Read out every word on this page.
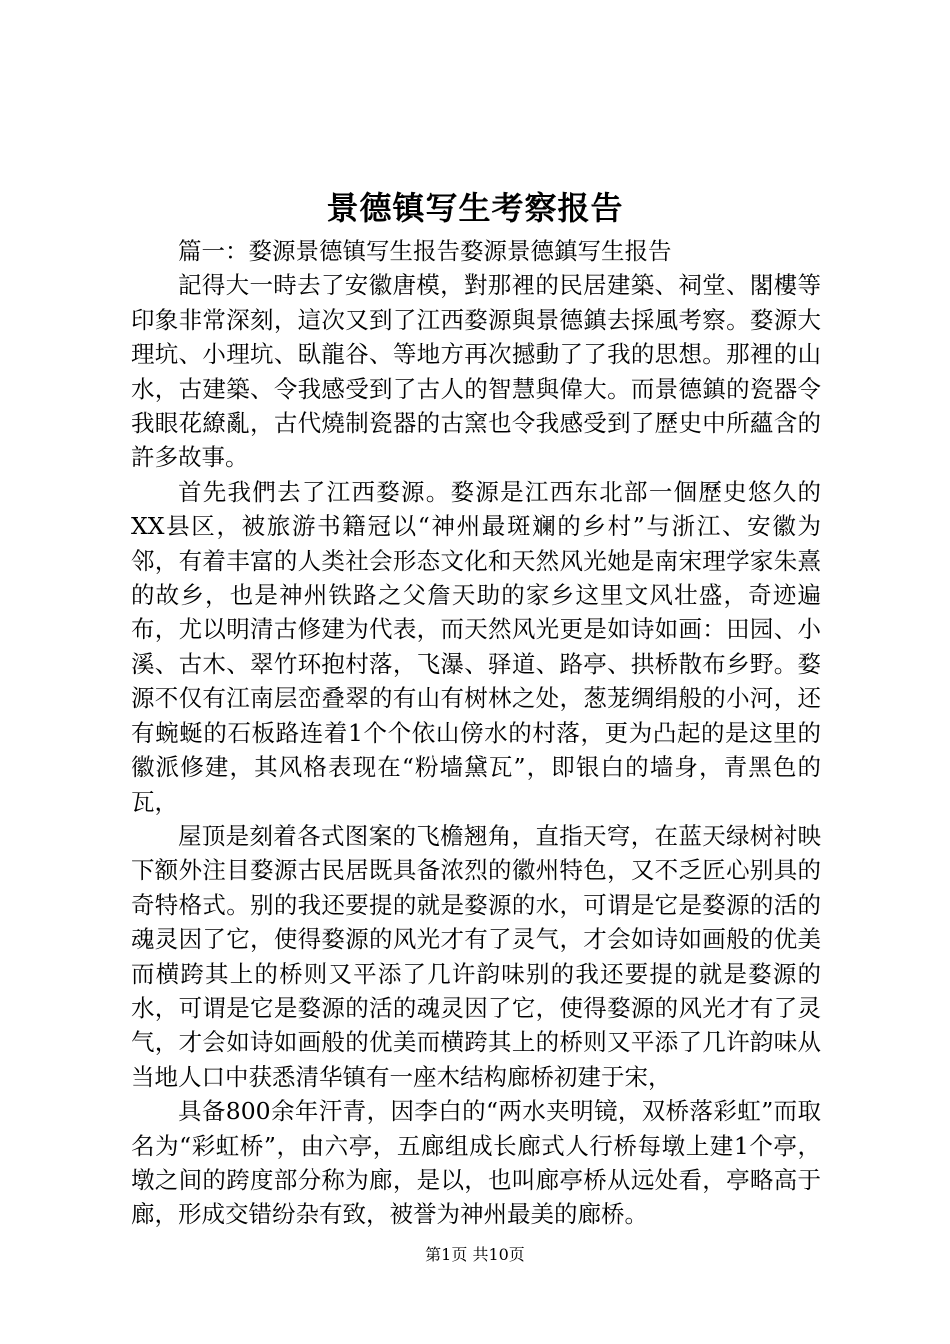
景德镇写生考察报告

篇一：婺源景德镇写生报告婺源景德鎮写生报告

記得大一時去了安徽唐模，對那裡的民居建築、祠堂、閣樓等印象非常深刻，這次又到了江西婺源與景德鎮去採風考察。婺源大理坑、小理坑、臥龍谷、等地方再次撼動了了我的思想。那裡的山水，古建築、令我感受到了古人的智慧與偉大。而景德鎮的瓷器令我眼花繚亂，古代燒制瓷器的古窯也令我感受到了歷史中所蘊含的許多故事。

首先我們去了江西婺源。婺源是江西东北部一個歷史悠久的XX县区，被旅游书籍冠以“神州最斑斓的乡村”与浙江、安徽为邻，有着丰富的人类社会形态文化和天然风光她是南宋理学家朱熹的故乡，也是神州铁路之父詹天助的家乡这里文风壮盛，奇迹遍布，尤以明清古修建为代表，而天然风光更是如诗如画：田园、小溪、古木、翠竹环抱村落，飞瀑、驿道、路亭、拱桥散布乡野。婺源不仅有江南层峦叠翠的有山有树林之处，葱茏绸绢般的小河，还有蜿蜒的石板路连着1个个依山傍水的村落，更为凸起的是这里的徽派修建，其风格表现在“粉墙黛瓦”，即银白的墙身，青黑色的瓦，

屋顶是刻着各式图案的飞檐翘角，直指天穹，在蓝天绿树衬映下额外注目婺源古民居既具备浓烈的徽州特色，又不乏匠心别具的奇特格式。别的我还要提的就是婺源的水，可谓是它是婺源的活的魂灵因了它，使得婺源的风光才有了灵气，才会如诗如画般的优美而横跨其上的桥则又平添了几许韵味别的我还要提的就是婺源的水，可谓是它是婺源的活的魂灵因了它，使得婺源的风光才有了灵气，才会如诗如画般的优美而横跨其上的桥则又平添了几许韵味从当地人口中获悉清华镇有一座木结构廊桥初建于宋，

具备800余年汗青，因李白的“两水夹明镜，双桥落彩虹”而取名为“彩虹桥”，由六亭，五廊组成长廊式人行桥每墩上建1个亭，墩之间的跨度部分称为廊，是以，也叫廊亭桥从远处看，亭略高于廊，形成交错纷杂有致，被誉为神州最美的廊桥。

第1页 共10页
